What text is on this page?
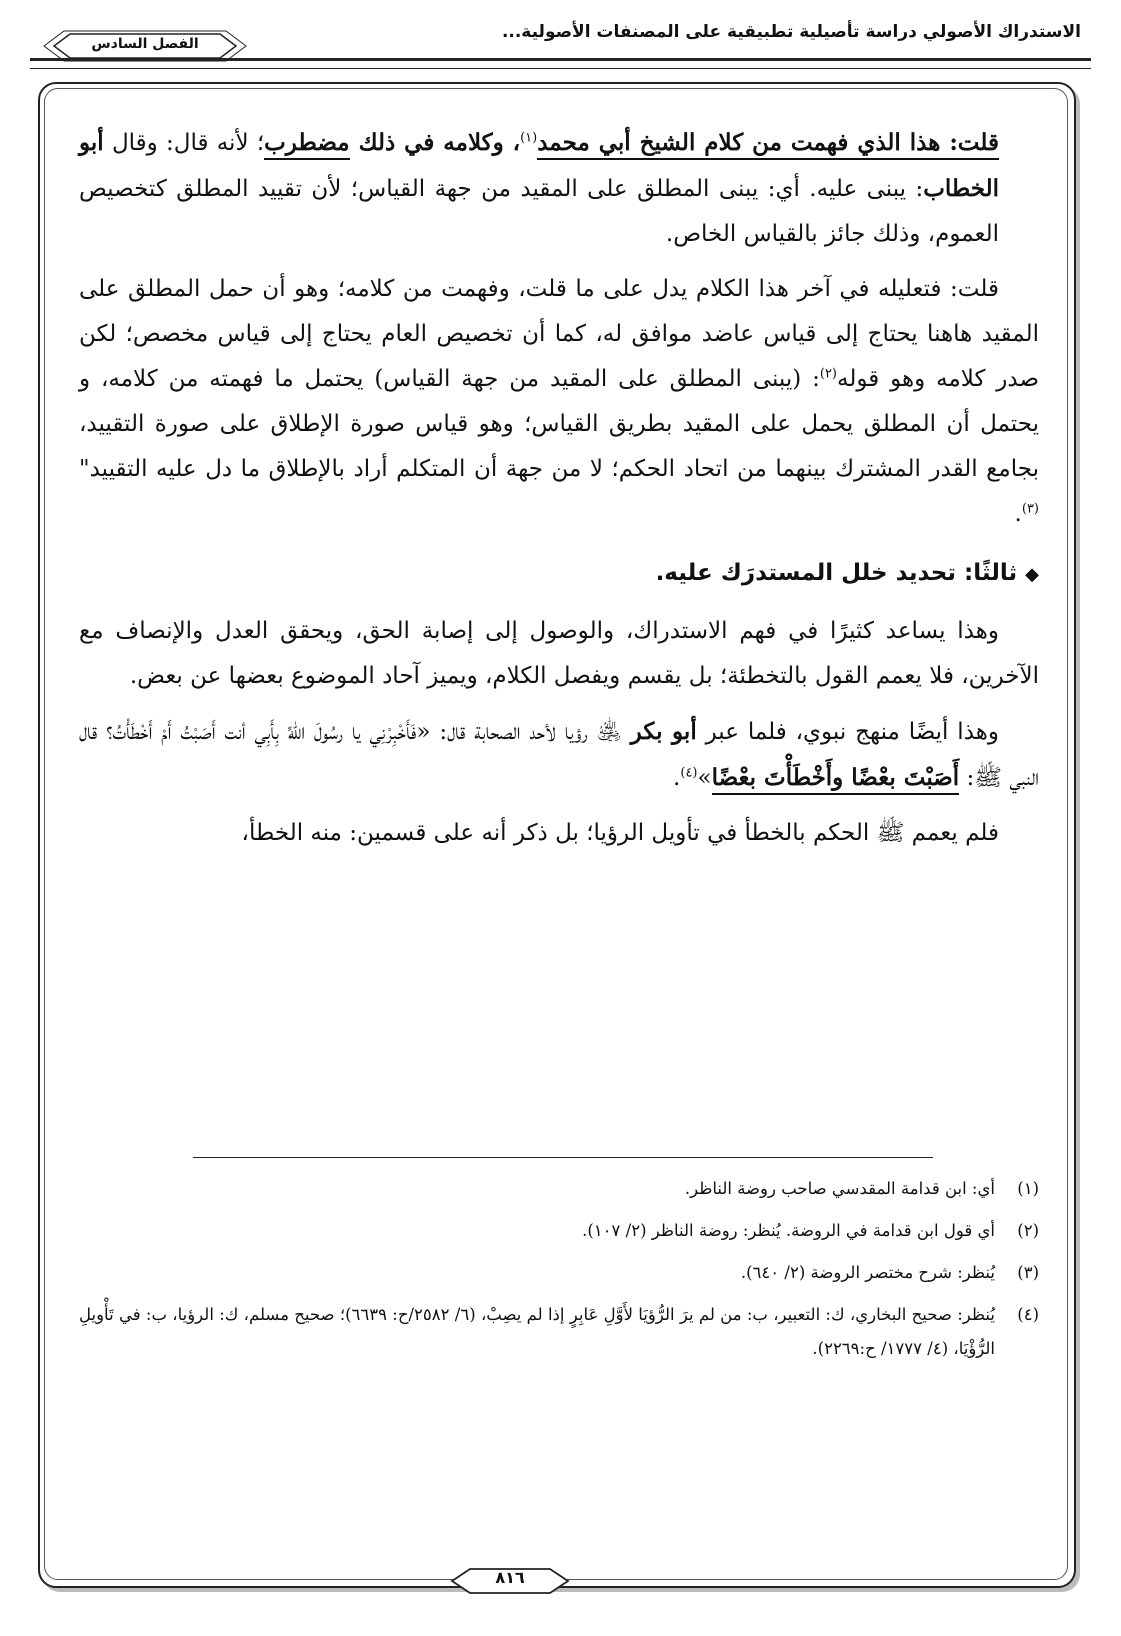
الاستدراك الأصولي دراسة تأصيلية تطبيقية على المصنفات الأصولية...
الفصل السادس

قلت: هذا الذي فهمت من كلام الشيخ أبي محمد$^{(١)}$، وكلامه في ذلك مضطرب؛ لأنه قال: وقال أبو الخطاب: يبنى عليه. أي: يبنى المطلق على المقيد من جهة القياس؛ لأن تقييد المطلق كتخصيص العموم، وذلك جائز بالقياس الخاص.

قلت: فتعليله في آخر هذا الكلام يدل على ما قلت، وفهمت من كلامه؛ وهو أن حمل المطلق على المقيد هاهنا يحتاج إلى قياس عاضد موافق له، كما أن تخصيص العام يحتاج إلى قياس مخصص؛ لكن صدر كلامه وهو قوله$^{(٢)}$: (يبنى المطلق على المقيد من جهة القياس) يحتمل ما فهمته من كلامه، و يحتمل أن المطلق يحمل على المقيد بطريق القياس؛ وهو قياس صورة الإطلاق على صورة التقييد، بجامع القدر المشترك بينهما من اتحاد الحكم؛ لا من جهة أن المتكلم أراد بالإطلاق ما دل عليه التقييد"$^{(٣)}$.

◆ثالثًا: تحديد خلل المستدرَك عليه.

وهذا يساعد كثيرًا في فهم الاستدراك، والوصول إلى إصابة الحق، ويحقق العدل والإنصاف مع الآخرين، فلا يعمم القول بالتخطئة؛ بل يقسم ويفصل الكلام، ويميز آحاد الموضوع بعضها عن بعض.

وهذا أيضًا منهج نبوي، فلما عبر أبو بكر ﵁ رؤيا لأحد الصحابة قال: «فَأَخْبِرْنِي يا رسُولَ اللهِّ بِأَبِي أنت أَصَبْتُ أَمْ أَخْطَأْتُ؟ قال النبي ﷺ: أَصَبْتَ بعْضًا وأَخْطَأْتَ بعْضًا»$^{(٤)}$.

فلم يعمم ﷺ الحكم بالخطأ في تأويل الرؤيا؛ بل ذكر أنه على قسمين: منه الخطأ،

(١)
أي: ابن قدامة المقدسي صاحب روضة الناظر.
(٢)
أي قول ابن قدامة في الروضة. يُنظر: روضة الناظر (٢/ ١٠٧).
(٣)
يُنظر: شرح مختصر الروضة (٢/ ٦٤٠).
(٤)
يُنظر: صحيح البخاري، ك: التعبير، ب: من لم يرَ الرُّؤيَا لأَوَّلِ عَابِرٍ إذا لم يصِبْ، (٦/ ٢٥٨٢/ح: ٦٦٣٩)؛ صحيح مسلم، ك: الرؤيا، ب: في تَأْويلِ الرُّؤْيَا، (٤/ ١٧٧٧/ ح:٢٢٦٩).
٨١٦
